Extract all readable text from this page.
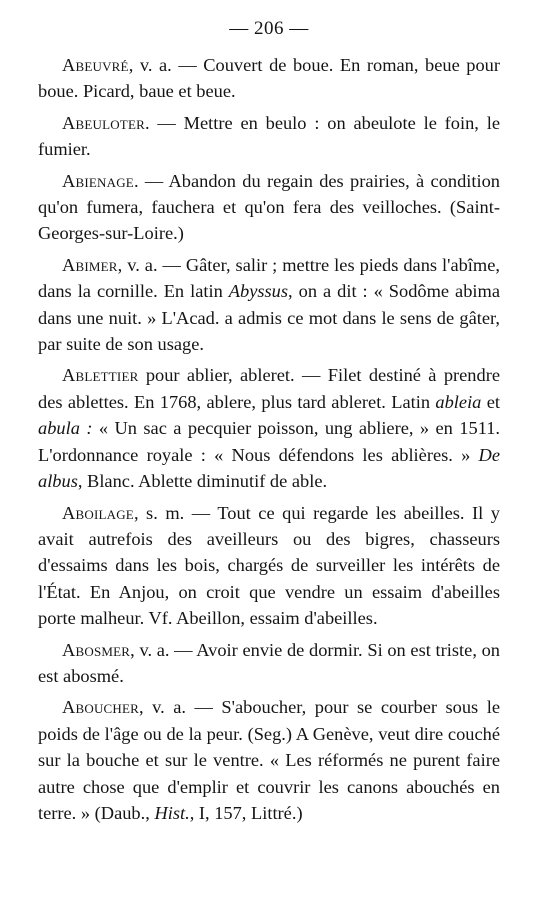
— 206 —

Abeuvré, v. a. — Couvert de boue. En roman, beue pour boue. Picard, baue et beue.

Abeuloter. — Mettre en beulo : on abeulote le foin, le fumier.

Abienage. — Abandon du regain des prairies, à condition qu'on fumera, fauchera et qu'on fera des veilloches. (Saint-Georges-sur-Loire.)

Abimer, v. a. — Gâter, salir ; mettre les pieds dans l'abîme, dans la cornille. En latin Abyssus, on a dit : « Sodôme abima dans une nuit. » L'Acad. a admis ce mot dans le sens de gâter, par suite de son usage.

Ablettier pour ablier, ableret. — Filet destiné à prendre des ablettes. En 1768, ablere, plus tard ableret. Latin ableia et abula : « Un sac a pecquier poisson, ung abliere, » en 1511. L'ordonnance royale : « Nous défendons les ablières. » De albus, Blanc. Ablette diminutif de able.

Aboilage, s. m. — Tout ce qui regarde les abeilles. Il y avait autrefois des aveilleurs ou des bigres, chasseurs d'essaims dans les bois, chargés de surveiller les intérêts de l'État. En Anjou, on croit que vendre un essaim d'abeilles porte malheur. Vf. Abeillon, essaim d'abeilles.

Abosmer, v. a. — Avoir envie de dormir. Si on est triste, on est abosmé.

Aboucher, v. a. — S'aboucher, pour se courber sous le poids de l'âge ou de la peur. (Seg.) A Genève, veut dire couché sur la bouche et sur le ventre. « Les réformés ne purent faire autre chose que d'emplir et couvrir les canons abouchés en terre. » (Daub., Hist., I, 157, Littré.)
